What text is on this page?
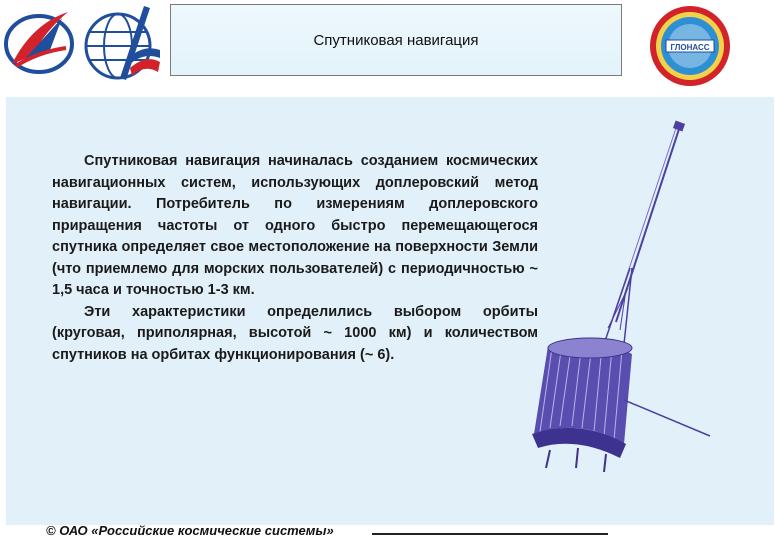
Спутниковая навигация	ГЛОНАСС

Спутниковая навигация начиналась созданием космических навигационных систем, использующих доплеровский метод навигации. Потребитель по измерениям доплеровского приращения частоты от одного быстро перемещающегося спутника определяет свое местоположение на поверхности Земли (что приемлемо для морских пользователей) с периодичностью ~ 1,5 часа и точностью 1-3 км.

Эти характеристики определились выбором орбиты (круговая, приполярная, высотой ~ 1000 км) и количеством спутников на орбитах функционирования (~ 6).

© ОАО «Российские космические системы»
